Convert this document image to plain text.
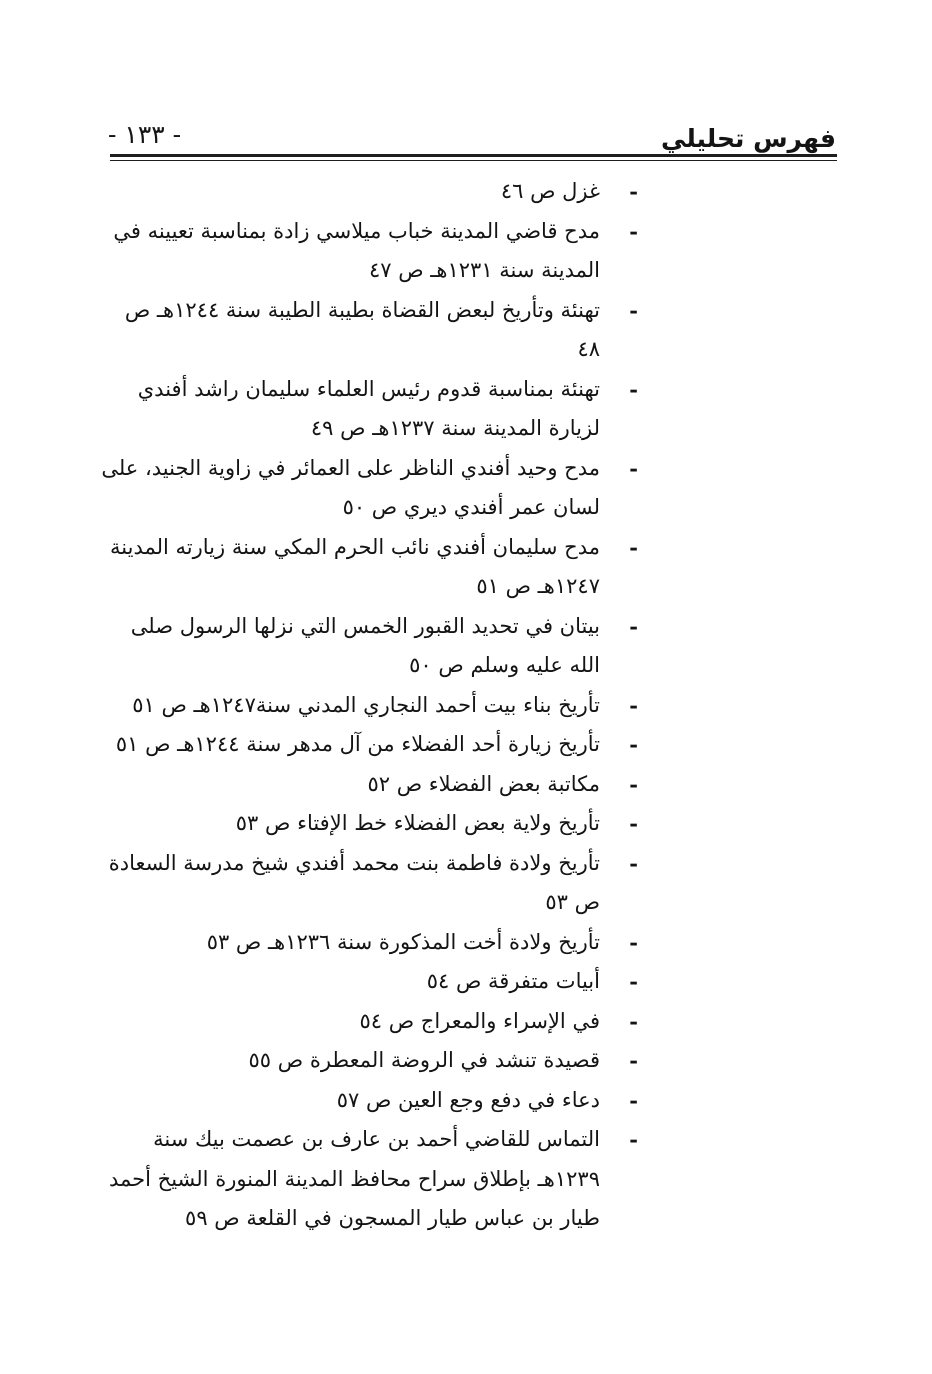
فهرس تحليلي
- ١٣٣ -
-
غزل ص ٤٦
-
مدح قاضي المدينة خباب ميلاسي زادة بمناسبة تعيينه في المدينة سنة ١٢٣١هـ ص ٤٧
-
تهنئة وتأريخ لبعض القضاة بطيبة الطيبة سنة ١٢٤٤هـ ص ٤٨
-
تهنئة بمناسبة قدوم رئيس العلماء سليمان راشد أفندي لزيارة المدينة سنة ١٢٣٧هـ ص ٤٩
-
مدح وحيد أفندي الناظر على العمائر في زاوية الجنيد، على لسان عمر أفندي ديري ص ٥٠
-
مدح سليمان أفندي نائب الحرم المكي سنة زيارته المدينة ١٢٤٧هـ ص ٥١
-
بيتان في تحديد القبور الخمس التي نزلها الرسول صلى الله عليه وسلم ص ٥٠
-
تأريخ بناء بيت أحمد النجاري المدني سنة١٢٤٧هـ ص ٥١
-
تأريخ زيارة أحد الفضلاء من آل مدهر سنة ١٢٤٤هـ ص ٥١
-
مكاتبة بعض الفضلاء ص ٥٢
-
تأريخ ولاية بعض الفضلاء خط الإفتاء ص ٥٣
-
تأريخ ولادة فاطمة بنت محمد أفندي شيخ مدرسة السعادة ص ٥٣
-
تأريخ ولادة أخت المذكورة سنة ١٢٣٦هـ ص ٥٣
-
أبيات متفرقة ص ٥٤
-
في الإسراء والمعراج ص ٥٤
-
قصيدة تنشد في الروضة المعطرة ص ٥٥
-
دعاء في دفع وجع العين ص ٥٧
-
التماس للقاضي أحمد بن عارف بن عصمت بيك سنة ١٢٣٩هـ بإطلاق سراح محافظ المدينة المنورة الشيخ أحمد طيار بن عباس طيار المسجون في القلعة ص ٥٩
